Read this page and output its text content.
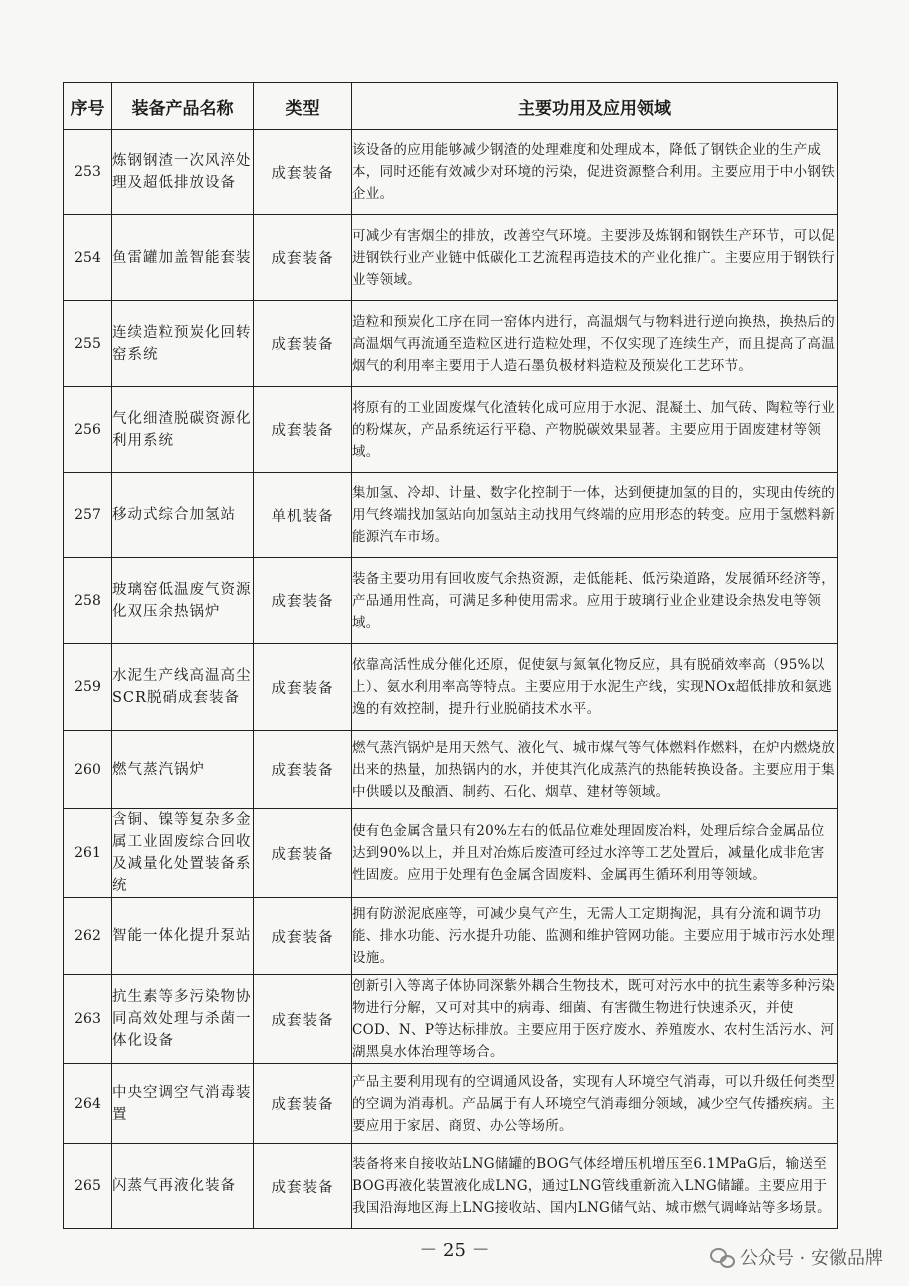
序号	装备产品名称	类型	主要功用及应用领域
253	炼钢钢渣一次风淬处理及超低排放设备	成套装备	该设备的应用能够减少钢渣的处理难度和处理成本，降低了钢铁企业的生产成本，同时还能有效减少对环境的污染，促进资源整合利用。主要应用于中小钢铁企业。
254	鱼雷罐加盖智能套装	成套装备	可减少有害烟尘的排放，改善空气环境。主要涉及炼钢和钢铁生产环节，可以促进钢铁行业产业链中低碳化工艺流程再造技术的产业化推广。主要应用于钢铁行业等领域。
255	连续造粒预炭化回转窑系统	成套装备	造粒和预炭化工序在同一窑体内进行，高温烟气与物料进行逆向换热，换热后的高温烟气再流通至造粒区进行造粒处理，不仅实现了连续生产，而且提高了高温烟气的利用率主要用于人造石墨负极材料造粒及预炭化工艺环节。
256	气化细渣脱碳资源化利用系统	成套装备	将原有的工业固废煤气化渣转化成可应用于水泥、混凝土、加气砖、陶粒等行业的粉煤灰，产品系统运行平稳、产物脱碳效果显著。主要应用于固废建材等领域。
257	移动式综合加氢站	单机装备	集加氢、冷却、计量、数字化控制于一体，达到便捷加氢的目的，实现由传统的用气终端找加氢站向加氢站主动找用气终端的应用形态的转变。应用于氢燃料新能源汽车市场。
258	玻璃窑低温废气资源化双压余热锅炉	成套装备	装备主要功用有回收废气余热资源，走低能耗、低污染道路，发展循环经济等，产品通用性高，可满足多种使用需求。应用于玻璃行业企业建设余热发电等领域。
259	水泥生产线高温高尘SCR脱硝成套装备	成套装备	依靠高活性成分催化还原，促使氨与氮氧化物反应，具有脱硝效率高（95%以上）、氨水利用率高等特点。主要应用于水泥生产线，实现NOx超低排放和氨逃逸的有效控制，提升行业脱硝技术水平。
260	燃气蒸汽锅炉	成套装备	燃气蒸汽锅炉是用天然气、液化气、城市煤气等气体燃料作燃料，在炉内燃烧放出来的热量，加热锅内的水，并使其汽化成蒸汽的热能转换设备。主要应用于集中供暖以及酿酒、制药、石化、烟草、建材等领域。
261	含铜、镍等复杂多金属工业固废综合回收及减量化处置装备系统	成套装备	使有色金属含量只有20%左右的低品位难处理固废冶料，处理后综合金属品位达到90%以上，并且对冶炼后废渣可经过水淬等工艺处置后，减量化成非危害性固废。应用于处理有色金属含固废料、金属再生循环利用等领域。
262	智能一体化提升泵站	成套装备	拥有防淤泥底座等，可减少臭气产生，无需人工定期掏泥，具有分流和调节功能、排水功能、污水提升功能、监测和维护管网功能。主要应用于城市污水处理设施。
263	抗生素等多污染物协同高效处理与杀菌一体化设备	成套装备	创新引入等离子体协同深紫外耦合生物技术，既可对污水中的抗生素等多种污染物进行分解，又可对其中的病毒、细菌、有害微生物进行快速杀灭，并使COD、N、P等达标排放。主要应用于医疗废水、养殖废水、农村生活污水、河湖黑臭水体治理等场合。
264	中央空调空气消毒装置	成套装备	产品主要利用现有的空调通风设备，实现有人环境空气消毒，可以升级任何类型的空调为消毒机。产品属于有人环境空气消毒细分领域，减少空气传播疾病。主要应用于家居、商贸、办公等场所。
265	闪蒸气再液化装备	成套装备	装备将来自接收站LNG储罐的BOG气体经增压机增压至6.1MPaG后，输送至BOG再液化装置液化成LNG，通过LNG管线重新流入LNG储罐。主要应用于我国沿海地区海上LNG接收站、国内LNG储气站、城市燃气调峰站等多场景。
－ 25 －	公众号 · 安徽品牌
